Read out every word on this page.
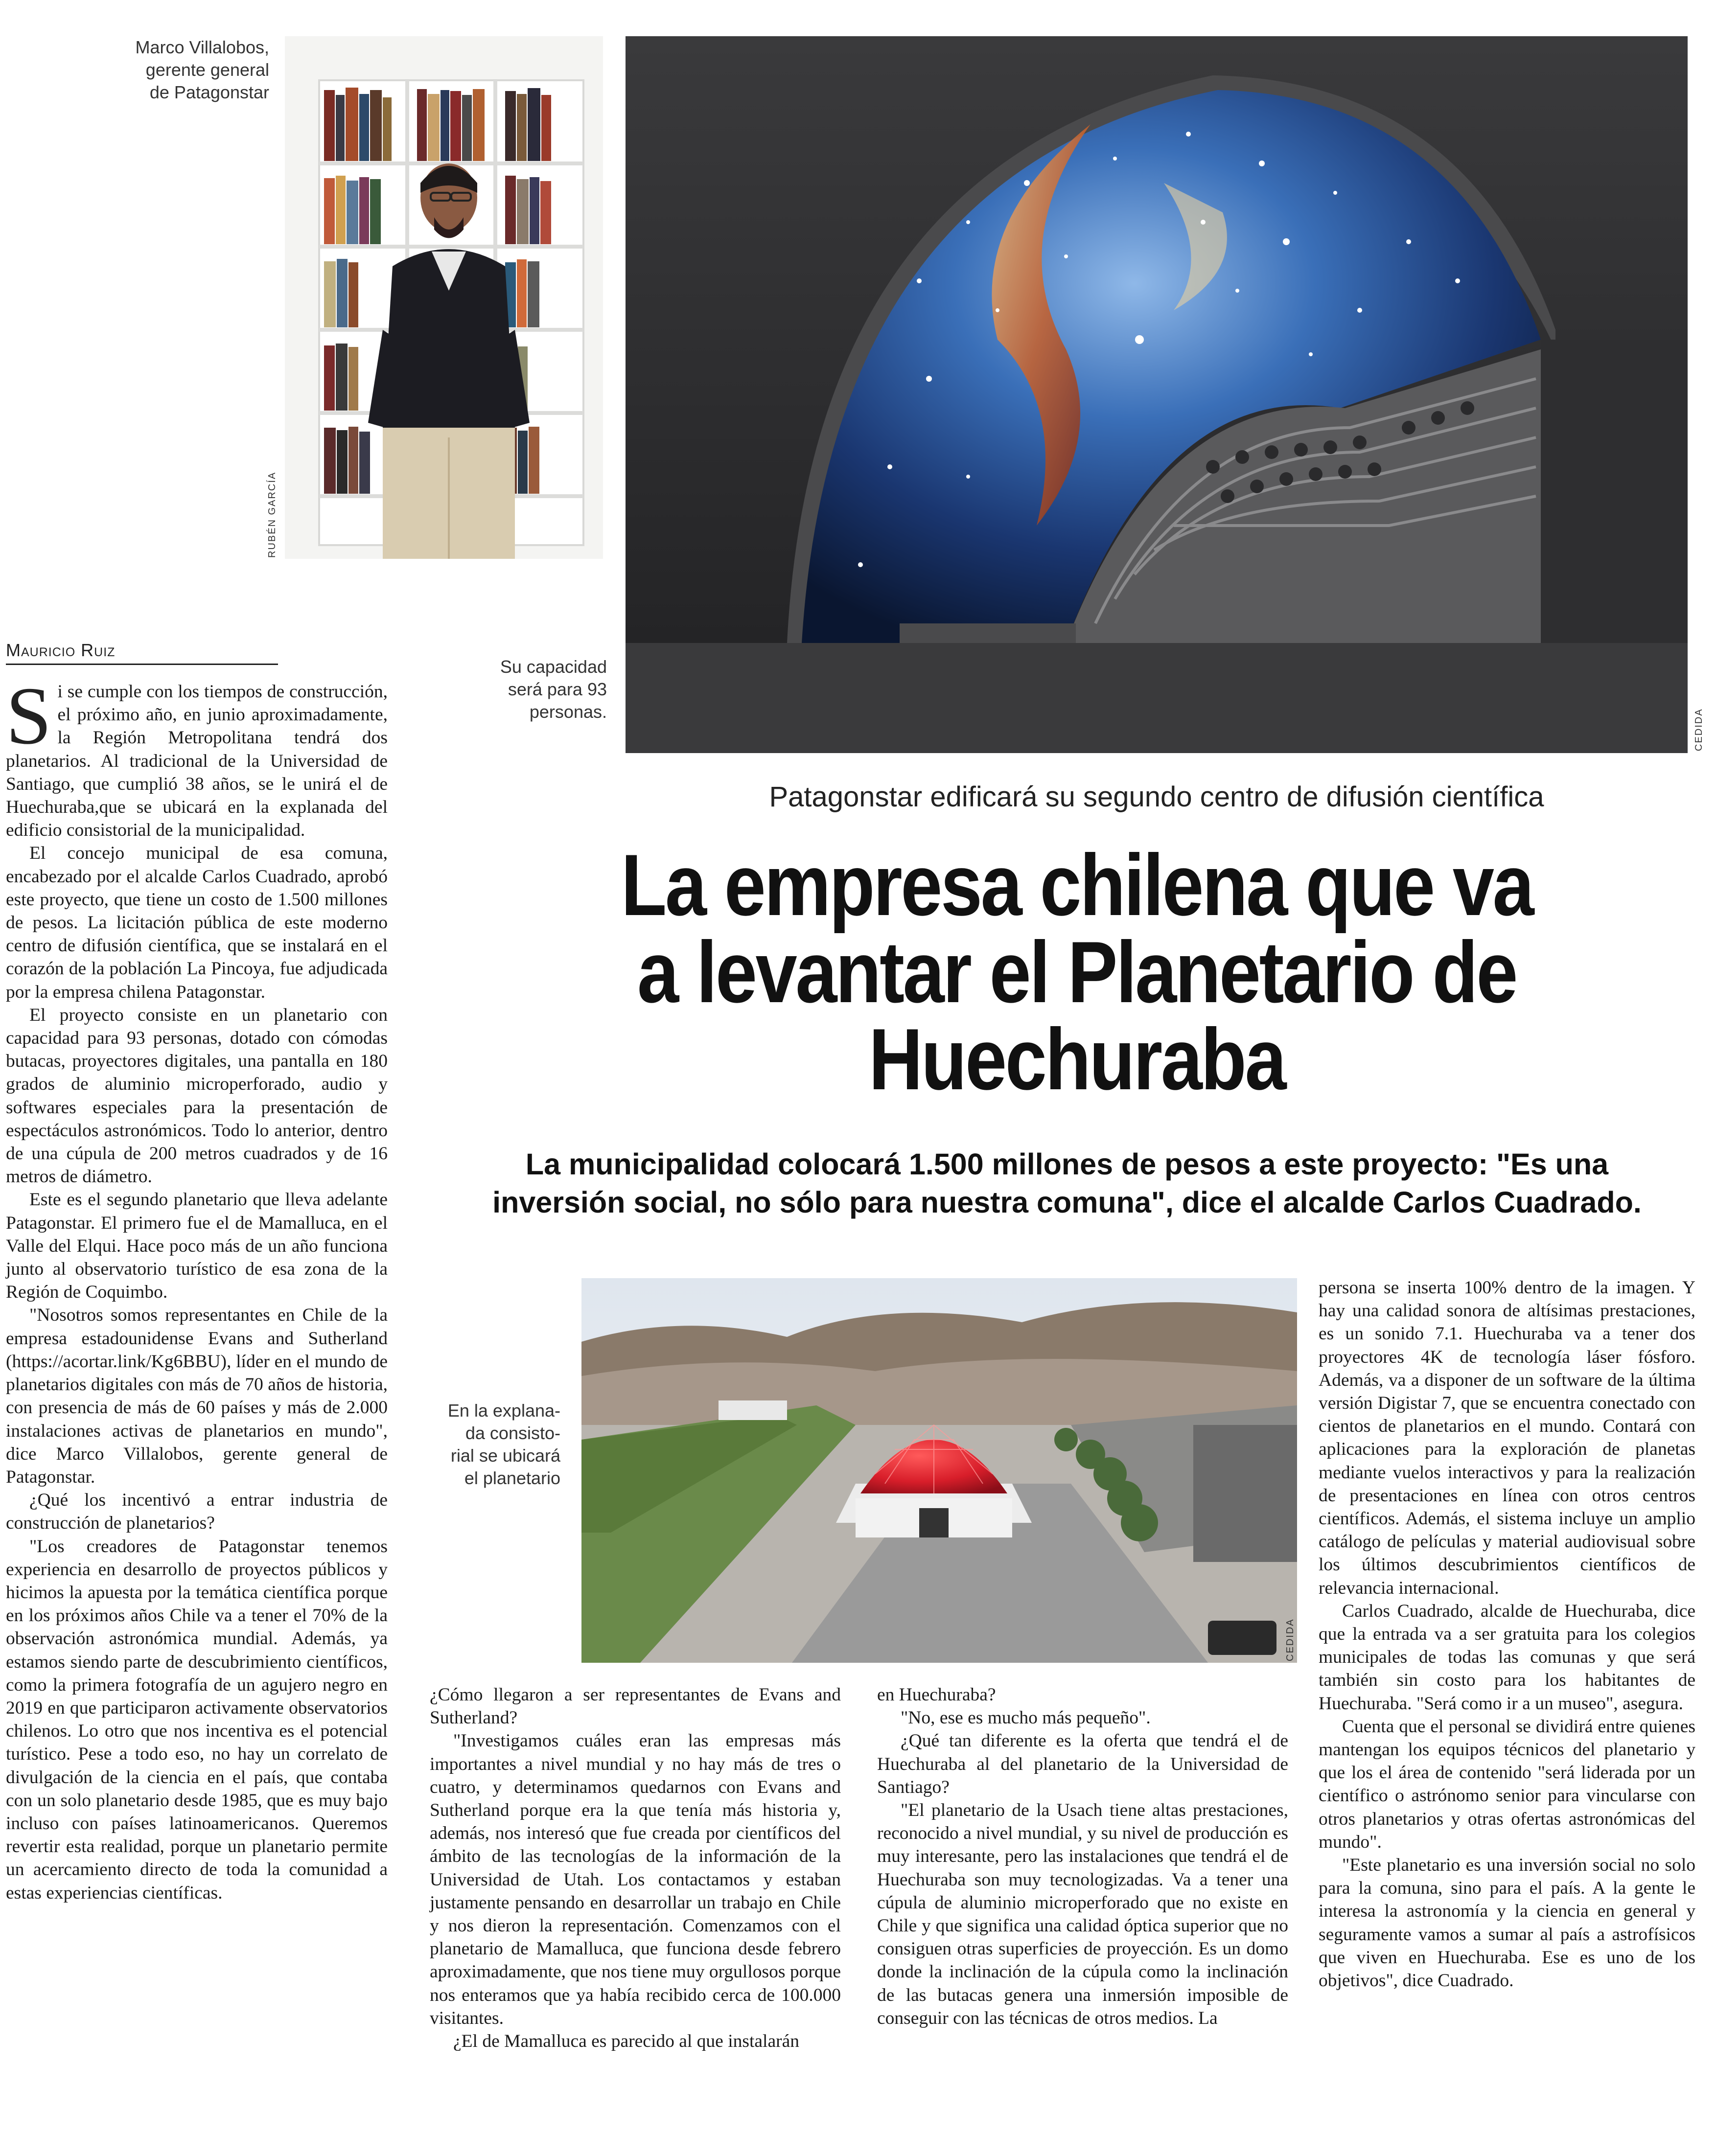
Marco Villalobos,
gerente general
de Patagonstar
RUBÉN GARCÍA
Su capacidad
será para 93
personas.	CEDIDA
Patagonstar edificará su segundo centro de difusión científica
La empresa chilena que va
a levantar el Planetario de
Huechuraba
La municipalidad colocará 1.500 millones de pesos a este proyecto: "Es una
inversión social, no sólo para nuestra comuna", dice el alcalde Carlos Cuadrado.
En la explana-
da consisto-
rial se ubicará
el planetario
CEDIDA
Mauricio Ruiz

Si se cumple con los tiempos de construcción, el próximo año, en junio aproximadamente, la Región Metropolitana tendrá dos planetarios. Al tradicional de la Universidad de Santiago, que cumplió 38 años, se le unirá el de Huechuraba,que se ubicará en la explanada del edificio consistorial de la municipalidad.

El concejo municipal de esa comuna, encabezado por el alcalde Carlos Cuadrado, aprobó este proyecto, que tiene un costo de 1.500 millones de pesos. La licitación pública de este moderno centro de difusión científica, que se instalará en el corazón de la población La Pincoya, fue adjudicada por la empresa chilena Patagonstar.

El proyecto consiste en un planetario con capacidad para 93 personas, dotado con cómodas butacas, proyectores digitales, una pantalla en 180 grados de aluminio microperforado, audio y softwares especiales para la presentación de espectáculos astronómicos. Todo lo anterior, dentro de una cúpula de 200 metros cuadrados y de 16 metros de diámetro.

Este es el segundo planetario que lleva adelante Patagonstar. El primero fue el de Mamalluca, en el Valle del Elqui. Hace poco más de un año funciona junto al observatorio turístico de esa zona de la Región de Coquimbo.

"Nosotros somos representantes en Chile de la empresa estadounidense Evans and Sutherland (https://acortar.link/Kg6BBU), líder en el mundo de planetarios digitales con más de 70 años de historia, con presencia de más de 60 países y más de 2.000 instalaciones activas de planetarios en mundo", dice Marco Villalobos, gerente general de Patagonstar.

¿Qué los incentivó a entrar industria de construcción de planetarios?

"Los creadores de Patagonstar tenemos experiencia en desarrollo de proyectos públicos y hicimos la apuesta por la temática científica porque en los próximos años Chile va a tener el 70% de la observación astronómica mundial. Además, ya estamos siendo parte de descubrimiento científicos, como la primera fotografía de un agujero negro en 2019 en que participaron activamente observatorios chilenos. Lo otro que nos incentiva es el potencial turístico. Pese a todo eso, no hay un correlato de divulgación de la ciencia en el país, que contaba con un solo planetario desde 1985, que es muy bajo incluso con países latinoamericanos. Queremos revertir esta realidad, porque un planetario permite un acercamiento directo de toda la comunidad a estas experiencias científicas.

¿Cómo llegaron a ser representantes de Evans and Sutherland?

"Investigamos cuáles eran las empresas más importantes a nivel mundial y no hay más de tres o cuatro, y determinamos quedarnos con Evans and Sutherland porque era la que tenía más historia y, además, nos interesó que fue creada por científicos del ámbito de las tecnologías de la información de la Universidad de Utah. Los contactamos y estaban justamente pensando en desarrollar un trabajo en Chile y nos dieron la representación. Comenzamos con el planetario de Mamalluca, que funciona desde febrero aproximadamente, que nos tiene muy orgullosos porque nos enteramos que ya había recibido cerca de 100.000 visitantes.

¿El de Mamalluca es parecido al que instalarán

en Huechuraba?

"No, ese es mucho más pequeño".

¿Qué tan diferente es la oferta que tendrá el de Huechuraba al del planetario de la Universidad de Santiago?

"El planetario de la Usach tiene altas prestaciones, reconocido a nivel mundial, y su nivel de producción es muy interesante, pero las instalaciones que tendrá el de Huechuraba son muy tecnologizadas. Va a tener una cúpula de aluminio microperforado que no existe en Chile y que significa una calidad óptica superior que no consiguen otras superficies de proyección. Es un domo donde la inclinación de la cúpula como la inclinación de las butacas genera una inmersión imposible de conseguir con las técnicas de otros medios. La

persona se inserta 100% dentro de la imagen. Y hay una calidad sonora de altísimas prestaciones, es un sonido 7.1. Huechuraba va a tener dos proyectores 4K de tecnología láser fósforo. Además, va a disponer de un software de la última versión Digistar 7, que se encuentra conectado con cientos de planetarios en el mundo. Contará con aplicaciones para la exploración de planetas mediante vuelos interactivos y para la realización de presentaciones en línea con otros centros científicos. Además, el sistema incluye un amplio catálogo de películas y material audiovisual sobre los últimos descubrimientos científicos de relevancia internacional.

Carlos Cuadrado, alcalde de Huechuraba, dice que la entrada va a ser gratuita para los colegios municipales de todas las comunas y que será también sin costo para los habitantes de Huechuraba. "Será como ir a un museo", asegura.

Cuenta que el personal se dividirá entre quienes mantengan los equipos técnicos del planetario y que los el área de contenido "será liderada por un científico o astrónomo senior para vincularse con otros planetarios y otras ofertas astronómicas del mundo".

"Este planetario es una inversión social no solo para la comuna, sino para el país. A la gente le interesa la astronomía y la ciencia en general y seguramente vamos a sumar al país a astrofísicos que viven en Huechuraba. Ese es uno de los objetivos", dice Cuadrado.
